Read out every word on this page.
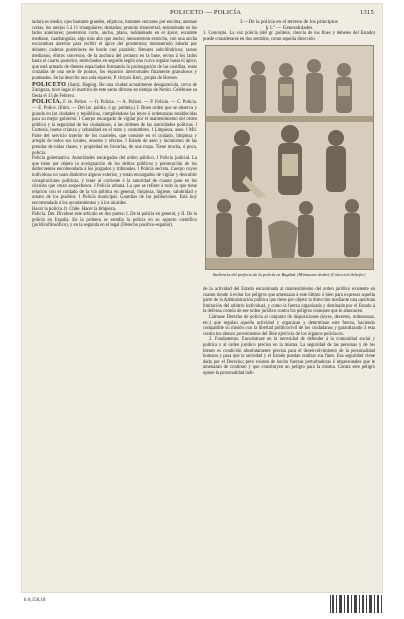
POLICETO — POLICÍA	1315

tadura es media; ojos bastante grandes, elípticos, bastante cercanos por encima; antenas cortas, los artejos 5 á 11 triangulares; dentados; pronoto transversal, redondeado en los lados anteriores; presternón corto, ancho, plano, redondeado en el ápice; escudete mediano, cuadrangular, algo más alto que ancho; mesosternón estrecho, con una ancha excavadura anterior para recibir el ápice del prosternón; metasternón lobado por delante; caderas posteriores de borde casi paralelo; fémures subcilíndricos; tarsos medianos; élitros convexos, de la anchura del pronoto en la base, rectos á los lados hasta el cuarto posterior, estrechados en seguida según una curva regular hasta el ápice, que está armado de dientes espaciados formando la prolongación de las costillas, estas cruzadas de una serie de puntos, los espacios intercostales finamente granulosos y punteados. Se ha descrito una sola especie, P. chrysis Kerr., propia de Borneo.

POLICETO (Sam). Hagiog. He una ciudad actualmente desaparecida, cerca de Zaragoza, tuvo lugar el martirio de este santo dirrono en tiempo de Nerón. Celébrase su fiesta el 13 de Febrero.

POLICÍA. F. Ie. Police. — It. Polizia. — A. Polizei. — P. Policia. — C. Policia. — E. Police. (Etim. — Del lat. politia, ó gr. politeia.) f. Buen orden que se observa y guarda en las ciudades y repúblicas, cumpliéndose las leyes ú ordenanzas establecidas para su mejor gobierno. ‖ Cuerpo encargado de vigilar por el mantenimiento del orden público y la seguridad de los ciudadanos, á las órdenes de las autoridades políticas. ‖ Cortesía, buena crianza y urbanidad en el trato y costumbres. ‖ Limpieza, aseo. ‖ Mil. Parte del servicio interior de los cuarteles, que consiste en el cuidado, limpieza y arreglo de todos sus locales, enseres y efectos. ‖ Estado de aseo y lucimiento de las prendas de todas clases, y propiedad en llevarlas, de una tropa. Tiene mucha, ó poca, policía.

Policía gubernativa. Autoridades encargadas del orden público. ‖ Policía judicial. La que tiene por objeto la averiguación de los delitos públicos y persecución de los delincuentes encomendada á los juzgados y tribunales. ‖ Policía secreta. Cuerpo cuyos individuos no usan distintivo alguno exterior, y están encargados de vigilar y descubrir conspiraciones políticas, y tener al corriente á la autoridad de cuanto pase en los círculos que crean sospechosos. ‖ Policía urbana. La que se refiere á todo lo que tiene relación con el cuidado de la vía pública en general, limpieza, higiene, salubridad y ornato de los pueblos. ‖ Policía municipal. Guardias de las poblaciones. Está hoy encomendada á los ayuntamientos y á los alcaldes.

Hacer la policía. fr. Chile. Hacer la limpieza.

Policía. Der. Dividese este artículo en dos partes: I. De la policía en general, y II. De la policía en España. En la primera se estudia la policía en su aspecto científico (jurídicofilosófico), y en la segunda en el legal (Derecho positivo-español).

I.—De la policía en el terreno de los principios

§ 1.º — Generalidades

1. Concepto. La voz policía (del gr. politeia, ciencia de los fines y deberes del Estado) puede considerarse en dos sentidos, como aquella dirección

Audiencia del prefecto de la policía en Bagdad. (Miniatura árabe) (Colección Schefer)

de la actividad del Estado encaminada al mantenimiento del orden jurídico existente en cuanto tiende á evitar los peligros que amenazan á este último ó bien para expresar aquella parte de la Administración pública que tiene por objeto la dirección mediante una oportuna limitación del arbitrio individual, y como la fuerza organizada y destinada por el Estado á la defensa común de ese orden jurídico contra los peligros comunes que le amenacen.

Llámase Derecho de policía al conjunto de disposiciones (leyes, decretos, ordenanzas, etc.) que regulan aquella actividad y organizan y determinan este fuerza, haciendo compatible su misión con la libertad políticocivil de los ciudadanos y garantizando á esta contra los abusos provenientes del libre ejercicio de los órganos policíacos.

2. Fundamento. Encuéntrase en la necesidad de defender á la comunidad social y política y al orden jurídico preciso en la misma. La seguridad de las personas y de los bienes es condición absolutamente precisa para el desenvolvimiento de la personalidad humana y para que la sociedad y el Estado puedan realizar sus fines. Esa seguridad viene dada por el Derecho; pero existen de hecho fuerzas perturbadoras é impersonales que le amenazan de continuo y que constituyen un peligro para la misma. Contra este peligro opone la personalidad indi-

lt 8,150,18
